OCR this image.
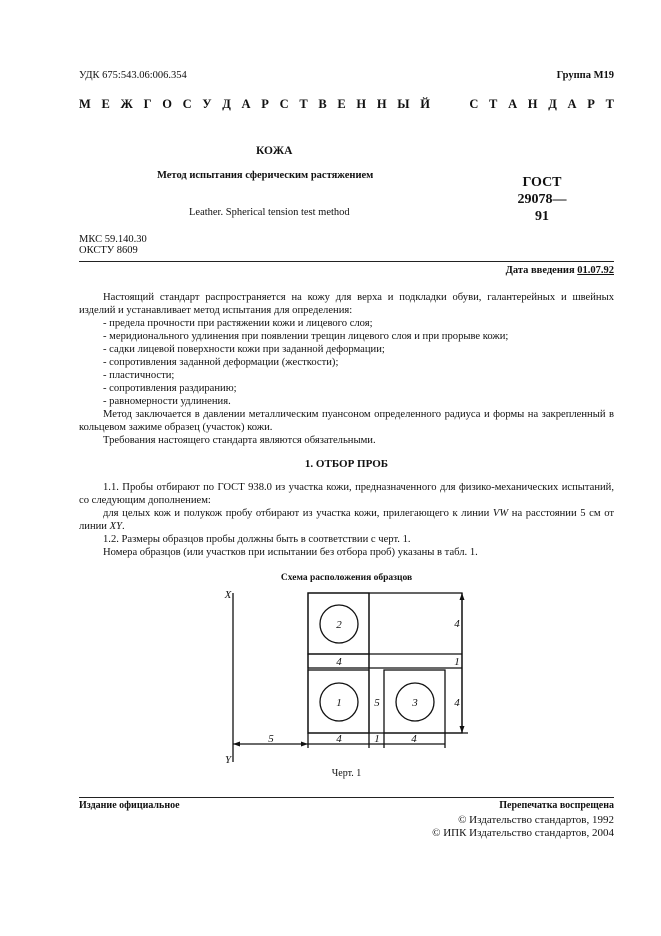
УДК 675:543.06:006.354	Группа М19
М Е Ж Г О С У Д А Р С Т В Е Н Н Ы Й	С Т А Н Д А Р Т
КОЖА
Метод испытания сферическим растяжением	ГОСТ
29078—91
Leather. Spherical tension test method
МКС 59.140.30
ОКСТУ 8609
Дата введения 01.07.92

Настоящий стандарт распространяется на кожу для верха и подкладки обуви, галантерейных и швейных изделий и устанавливает метод испытания для определения:

- предела прочности при растяжении кожи и лицевого слоя;

- меридионального удлинения при появлении трещин лицевого слоя и при прорыве кожи;

- садки лицевой поверхности кожи при заданной деформации;

- сопротивления заданной деформации (жесткости);

- пластичности;

- сопротивления раздиранию;

- равномерности удлинения.

Метод заключается в давлении металлическим пуансоном определенного радиуса и формы на закрепленный в кольцевом зажиме образец (участок) кожи.

Требования настоящего стандарта являются обязательными.

1. ОТБОР ПРОБ

1.1. Пробы отбирают по ГОСТ 938.0 из участка кожи, предназначенного для физико-механических испытаний, со следующим дополнением:

для целых кож и полукож пробу отбирают из участка кожи, прилегающего к линии VW на расстоянии 5 см от линии XY.

1.2. Размеры образцов пробы должны быть в соответствии с черт. 1.

Номера образцов (или участков при испытании без отбора проб) указаны в табл. 1.

Схема расположения образцов
X
Y
2
1	3
5	4	1	4
4
5
4
1
4
Черт. 1
Издание официальное	Перепечатка воспрещена
© Издательство стандартов, 1992
© ИПК Издательство стандартов, 2004
